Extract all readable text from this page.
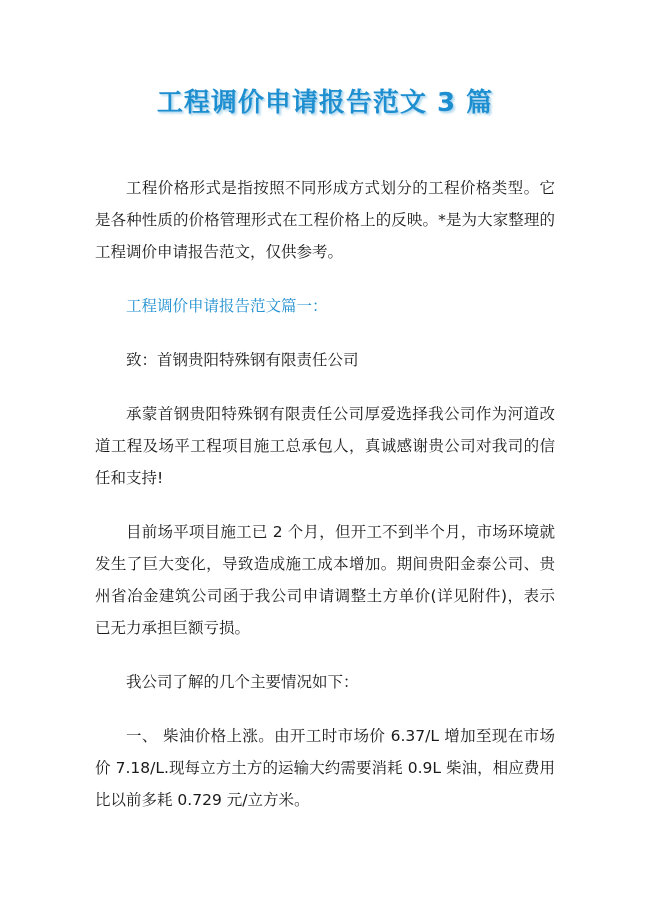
工程调价申请报告范文 3 篇

工程价格形式是指按照不同形成方式划分的工程价格类型。它是各种性质的价格管理形式在工程价格上的反映。*是为大家整理的工程调价申请报告范文，仅供参考。

工程调价申请报告范文篇一：

致：首钢贵阳特殊钢有限责任公司

承蒙首钢贵阳特殊钢有限责任公司厚爱选择我公司作为河道改道工程及场平工程项目施工总承包人，真诚感谢贵公司对我司的信任和支持!

目前场平项目施工已 2 个月，但开工不到半个月，市场环境就发生了巨大变化，导致造成施工成本增加。期间贵阳金泰公司、贵州省冶金建筑公司函于我公司申请调整土方单价(详见附件)，表示已无力承担巨额亏损。

我公司了解的几个主要情况如下：

一、 柴油价格上涨。由开工时市场价 6.37/L 增加至现在市场价 7.18/L.现每立方土方的运输大约需要消耗 0.9L 柴油，相应费用比以前多耗 0.729 元/立方米。
